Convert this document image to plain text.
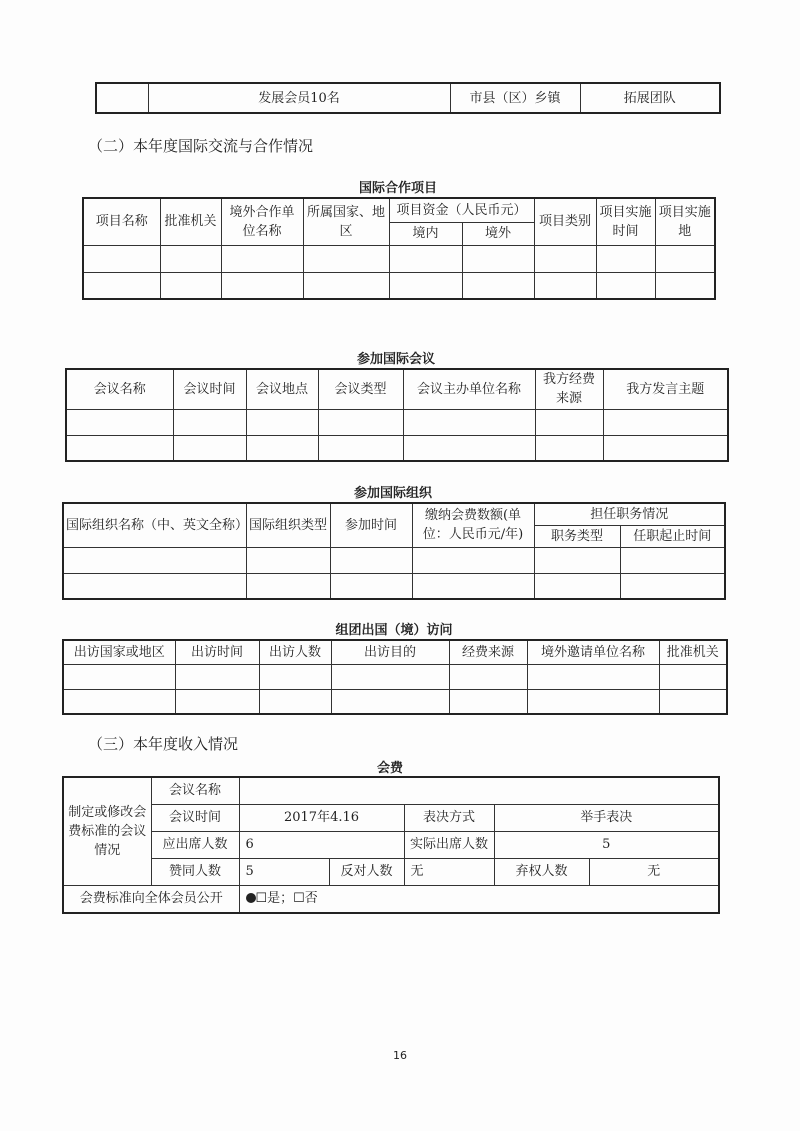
	发展会员10名	市县（区）乡镇	拓展团队
（二）本年度国际交流与合作情况
国际合作项目
项目名称	批准机关	境外合作单位名称	所属国家、地区	项目资金（人民币元）		项目类别	项目实施时间	项目实施地
				境内	境外			

参加国际会议
会议名称	会议时间	会议地点	会议类型	会议主办单位名称	我方经费来源	我方发言主题

参加国际组织
国际组织名称（中、英文全称）	国际组织类型	参加时间	缴纳会费数额(单位：人民币元/年)	担任职务情况	
				职务类型	任职起止时间

组团出国（境）访问
出访国家或地区	出访时间	出访人数	出访目的	经费来源	境外邀请单位名称	批准机关

（三）本年度收入情况
会费
制定或修改会费标准的会议情况	会议名称					
	会议时间	2017年4.16		表决方式	举手表决	
	应出席人数	6		实际出席人数	5	
	赞同人数	5	反对人数	无	弃权人数	无
会费标准向全体会员公开		☐是；☐否				
16
